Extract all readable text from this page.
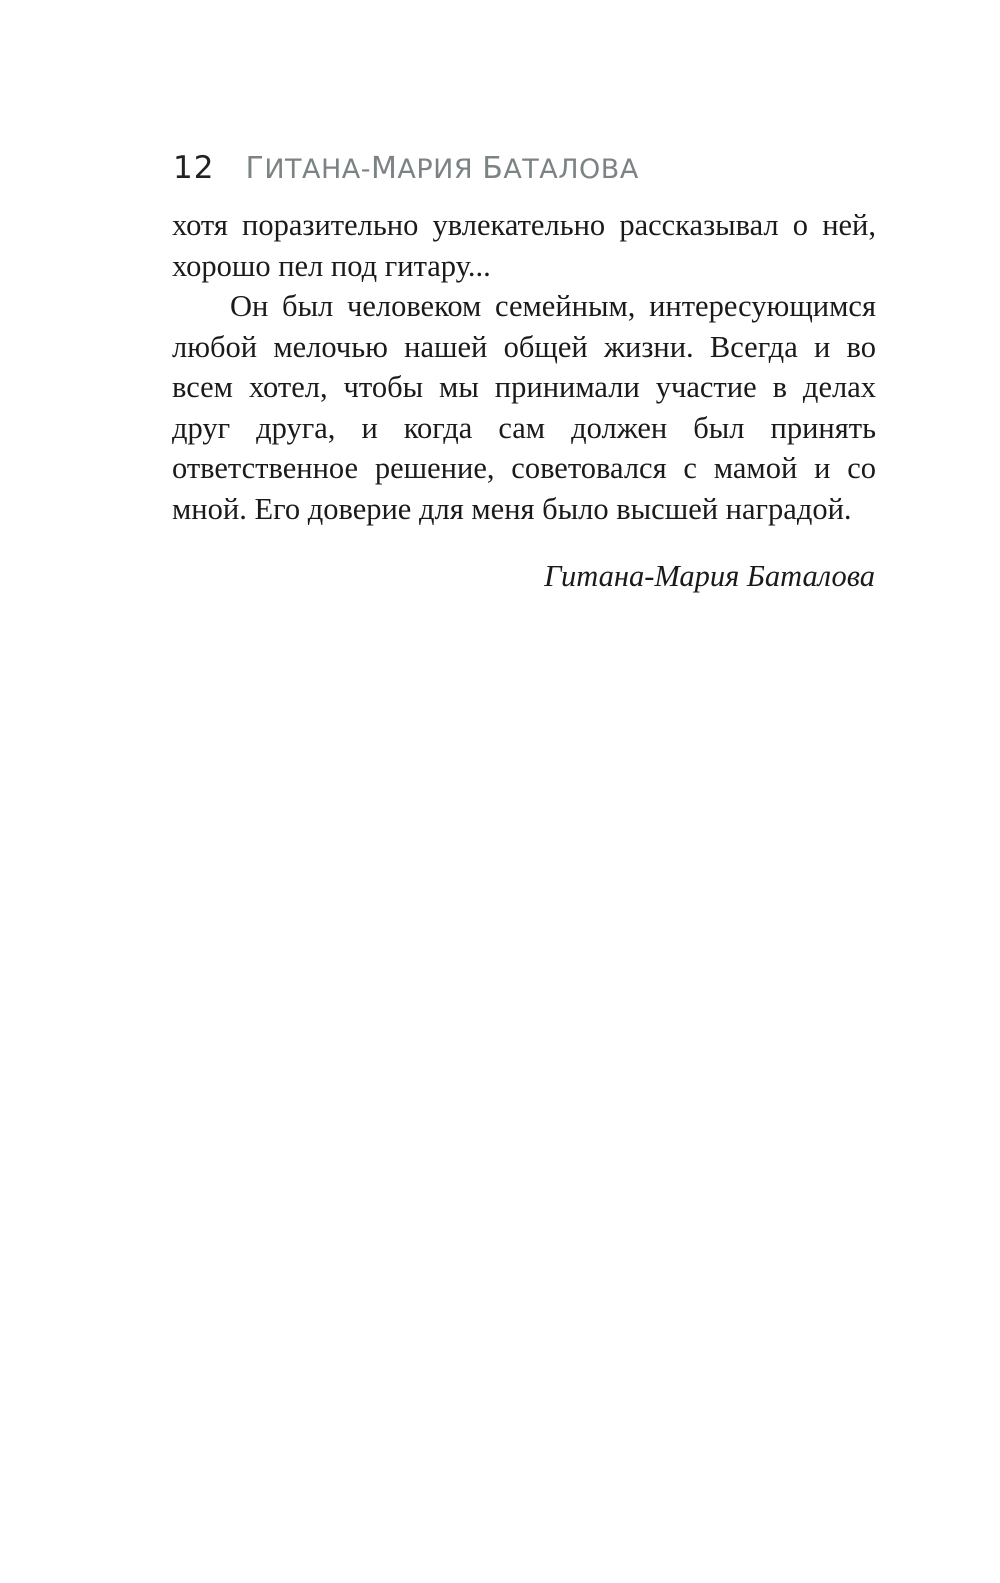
12 ГИТАНА-МАРИЯ БАТАЛОВА

хотя поразительно увлекательно рассказывал о ней, хорошо пел под гитару...

Он был человеком семейным, интересующимся любой мелочью нашей общей жизни. Всегда и во всем хотел, чтобы мы принимали участие в делах друг друга, и когда сам должен был принять ответственное решение, советовался с мамой и со мной. Его доверие для меня было высшей наградой.

Гитана-Мария Баталова
